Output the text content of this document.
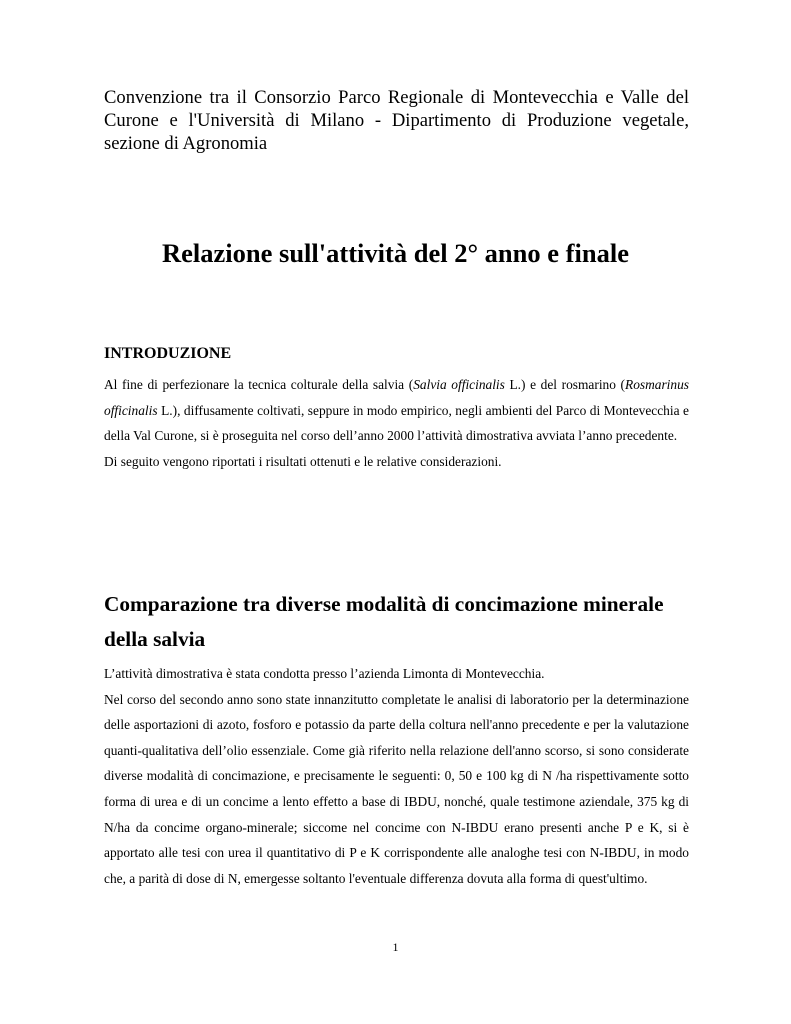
Convenzione tra il Consorzio Parco Regionale di Montevecchia e Valle del Curone e l'Università di Milano - Dipartimento di Produzione vegetale, sezione di Agronomia
Relazione sull'attività del 2° anno e finale
INTRODUZIONE

Al fine di perfezionare la tecnica colturale della salvia (Salvia officinalis L.) e del rosmarino (Rosmarinus officinalis L.), diffusamente coltivati, seppure in modo empirico, negli ambienti del Parco di Montevecchia e della Val Curone, si è proseguita nel corso dell’anno 2000 l’attività dimostrativa avviata l’anno precedente.

Di seguito vengono riportati i risultati ottenuti e le relative considerazioni.

Comparazione tra diverse modalità di concimazione minerale della salvia

L’attività dimostrativa è stata condotta presso l’azienda Limonta di Montevecchia.

Nel corso del secondo anno sono state innanzitutto completate le analisi di laboratorio per la determinazione delle asportazioni di azoto, fosforo e potassio da parte della coltura nell'anno precedente e per la valutazione quanti-qualitativa dell’olio essenziale. Come già riferito nella relazione dell'anno scorso, si sono considerate diverse modalità di concimazione, e precisamente le seguenti: 0, 50 e 100 kg di N /ha rispettivamente sotto forma di urea e di un concime a lento effetto a base di IBDU, nonché, quale testimone aziendale, 375 kg di N/ha da concime organo-minerale; siccome nel concime con N-IBDU erano presenti anche P e K, si è apportato alle tesi con urea il quantitativo di P e K corrispondente alle analoghe tesi con N-IBDU, in modo che, a parità di dose di N, emergesse soltanto l'eventuale differenza dovuta alla forma di quest'ultimo.

1
